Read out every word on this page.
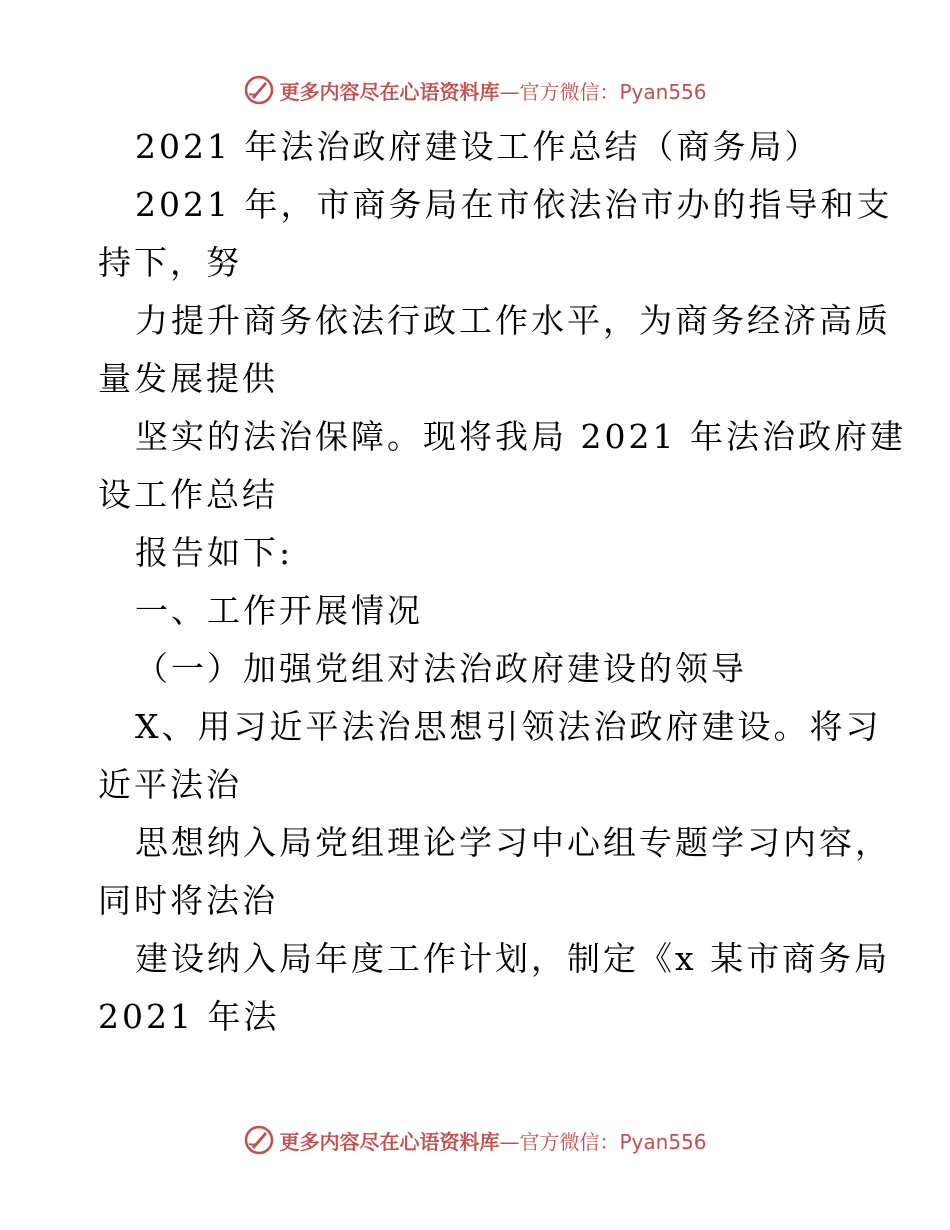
更多内容尽在心语资料库—官方微信：Pyan556
2021 年法治政府建设工作总结（商务局）
2021 年，市商务局在市依法治市办的指导和支
持下，努
力提升商务依法行政工作水平，为商务经济高质
量发展提供
坚实的法治保障。现将我局 2021 年法治政府建
设工作总结
报告如下:
一、工作开展情况
（一）加强党组对法治政府建设的领导
X、用习近平法治思想引领法治政府建设。将习
近平法治
思想纳入局党组理论学习中心组专题学习内容，
同时将法治
建设纳入局年度工作计划，制定《x 某市商务局
2021 年法
更多内容尽在心语资料库—官方微信：Pyan556
